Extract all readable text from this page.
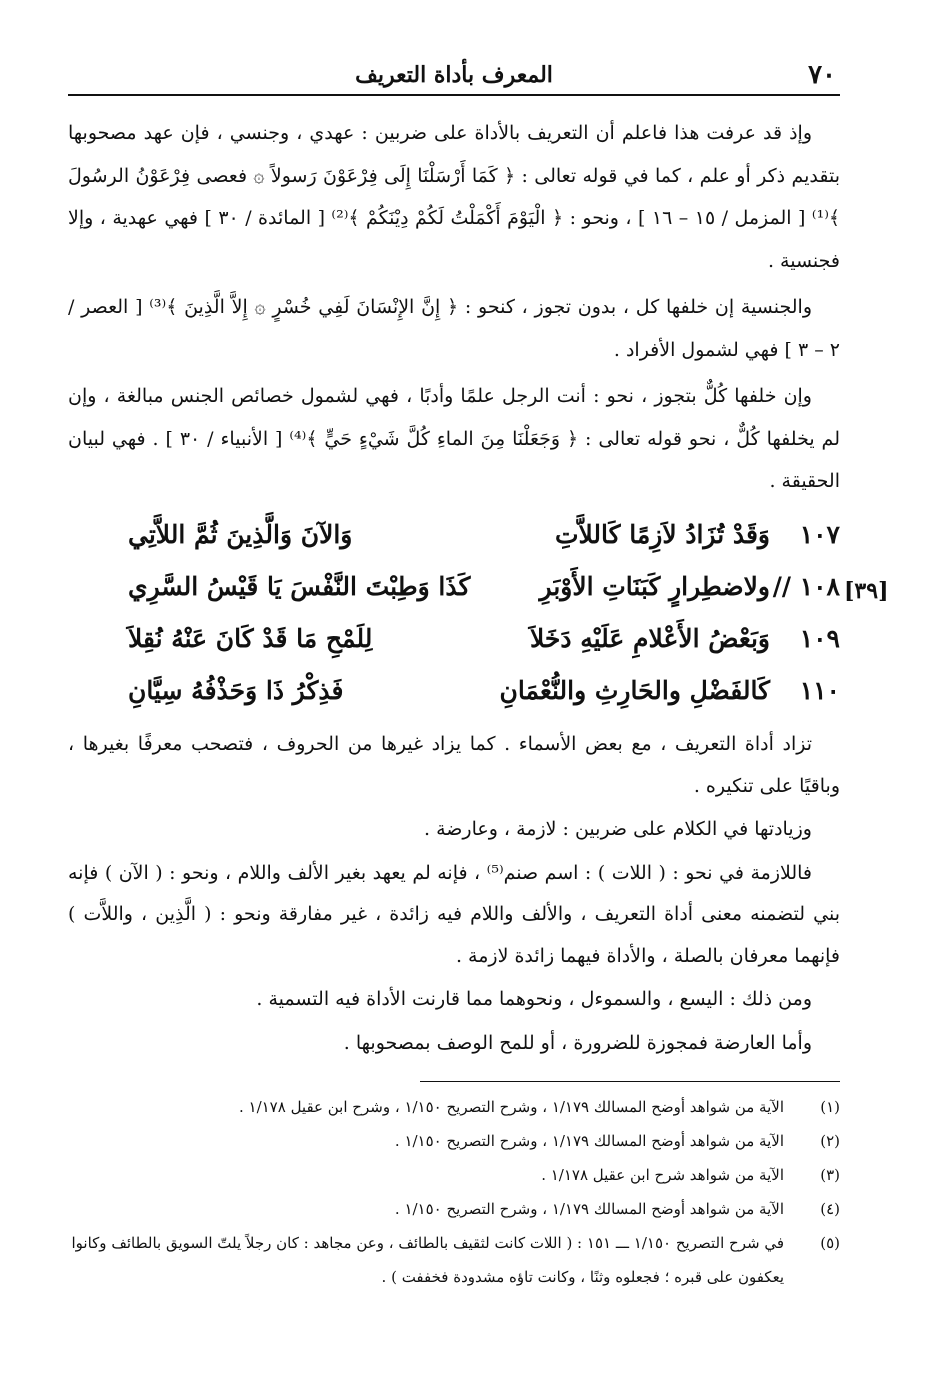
٧٠
المعرف بأداة التعريف

وإذ قد عرفت هذا فاعلم أن التعريف بالأداة على ضربين : عهدي ، وجنسي ، فإن عهد مصحوبها بتقديم ذكر أو علم ، كما في قوله تعالى : ﴿ كَمَا أَرْسَلْنَا إِلَى فِرْعَوْنَ رَسولاً ۞ فعصى فِرْعَوْنُ الرسُولَ ﴾⁽¹⁾ [ المزمل / ١٥ – ١٦ ] ، ونحو : ﴿ الْيَوْمَ أَكْمَلْتُ لَكُمْ دِيْنَكُمْ ﴾⁽²⁾ [ المائدة / ٣٠ ] فهي عهدية ، وإلا فجنسية .

والجنسية إن خلفها كل ، بدون تجوز ، كنحو : ﴿ إِنَّ الإِنْسَانَ لَفِي خُسْرٍ ۞ إِلاَّ الَّذِينَ ﴾⁽³⁾ [ العصر / ٢ – ٣ ] فهي لشمول الأفراد .

وإن خلفها كُلٌّ بتجوز ، نحو : أنت الرجل علمًا وأدبًا ، فهي لشمول خصائص الجنس مبالغة ، وإن لم يخلفها كُلٌّ ، نحو قوله تعالى : ﴿ وَجَعَلْنَا مِنَ الماءِ كُلَّ شَيْءٍ حَيٍّ ﴾⁽⁴⁾ [ الأنبياء / ٣٠ ] . فهي لبيان الحقيقة .

١٠٧
وَقَدْ تُزَادُ لاَزِمًا كَاللاَّتِ
وَالآنَ وَالَّذِينَ ثُمَّ اللاَّتِي
١٠٨ //
ولاضطِرارٍ كَبَنَاتِ الأَوْبَرِ
كَذَا وَطِبْتَ النَّفْسَ يَا قَيْسُ السَّرِي
١٠٩
وَبَعْضُ الأَعْلامِ عَلَيْهِ دَخَلاَ
لِلَمْحِ مَا قَدْ كَانَ عَنْهُ نُقِلاَ
١١٠
كَالفَضْلِ والحَارِثِ والنُّعْمَانِ
فَذِكْرُ ذَا وَحَذْفُهُ سِيَّانِ
[٣٩]

تزاد أداة التعريف ، مع بعض الأسماء . كما يزاد غيرها من الحروف ، فتصحب معرفًا بغيرها ، وباقيًا على تنكيره .

وزيادتها في الكلام على ضربين : لازمة ، وعارضة .

فاللازمة في نحو : ( اللات ) : اسم صنم⁽⁵⁾ ، فإنه لم يعهد بغير الألف واللام ، ونحو : ( الآن ) فإنه بني لتضمنه معنى أداة التعريف ، والألف واللام فيه زائدة ، غير مفارقة ونحو : ( الَّذِين ، واللاَّت ) فإنهما معرفان بالصلة ، والأداة فيهما زائدة لازمة .

ومن ذلك : اليسع ، والسموءل ، ونحوهما مما قارنت الأداة فيه التسمية .

وأما العارضة فمجوزة للضرورة ، أو للمح الوصف بمصحوبها .

(١)
الآية من شواهد أوضح المسالك ١/١٧٩ ، وشرح التصريح ١/١٥٠ ، وشرح ابن عقيل ١/١٧٨ .
(٢)
الآية من شواهد أوضح المسالك ١/١٧٩ ، وشرح التصريح ١/١٥٠ .
(٣)
الآية من شواهد شرح ابن عقيل ١/١٧٨ .
(٤)
الآية من شواهد أوضح المسالك ١/١٧٩ ، وشرح التصريح ١/١٥٠ .
(٥)
في شرح التصريح ١/١٥٠ ـــ ١٥١ : ( اللات كانت لثقيف بالطائف ، وعن مجاهد : كان رجلاً يلتّ السويق بالطائف وكانوا يعكفون على قبره ؛ فجعلوه وثنًا ، وكانت تاؤه مشدودة فخففت ) .
